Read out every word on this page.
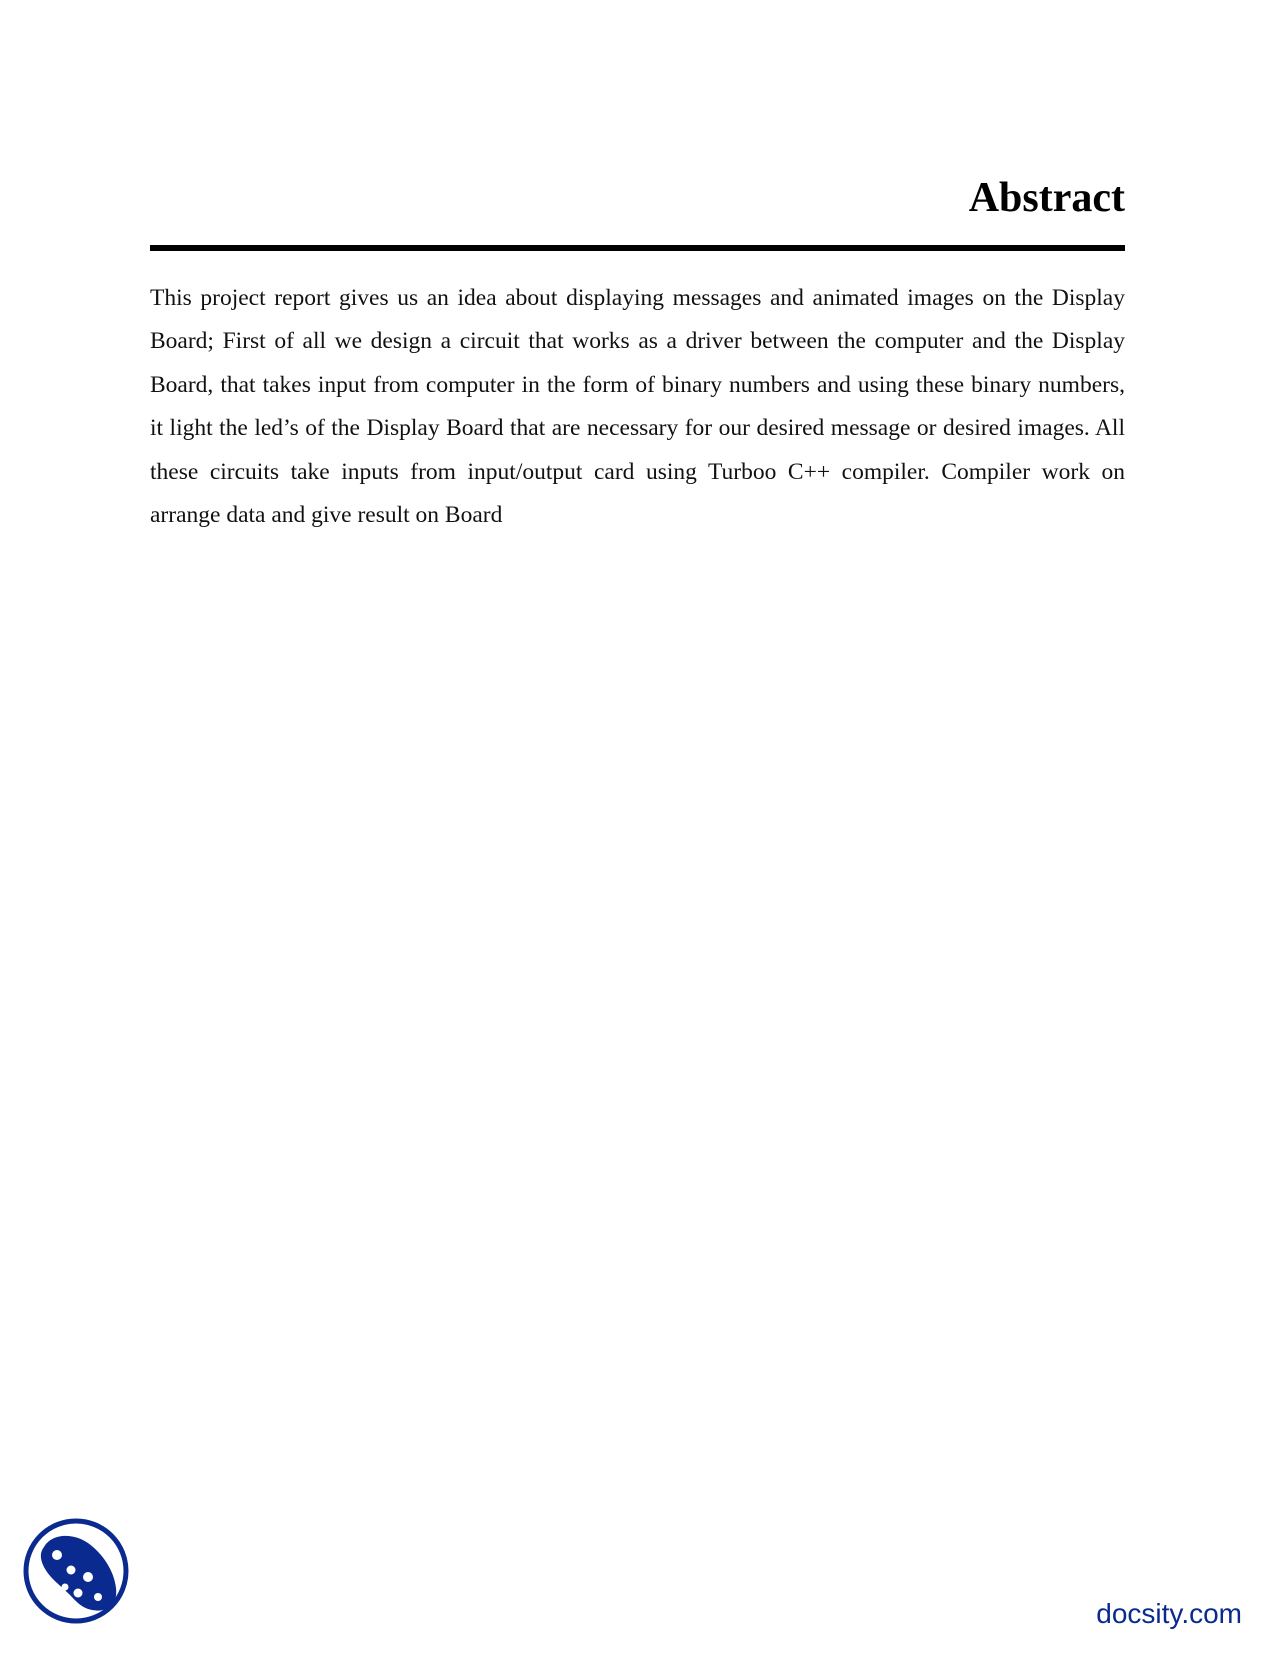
Abstract

This project report gives us an idea about displaying messages and animated images on the Display Board; First of all we design a circuit that works as a driver between the computer and the Display Board, that takes input from computer in the form of binary numbers and using these binary numbers, it light the led’s of the Display Board that are necessary for our desired message or desired images. All these circuits take inputs from input/output card using Turboo C++ compiler. Compiler work on arrange data and give result on Board

docsity.com
